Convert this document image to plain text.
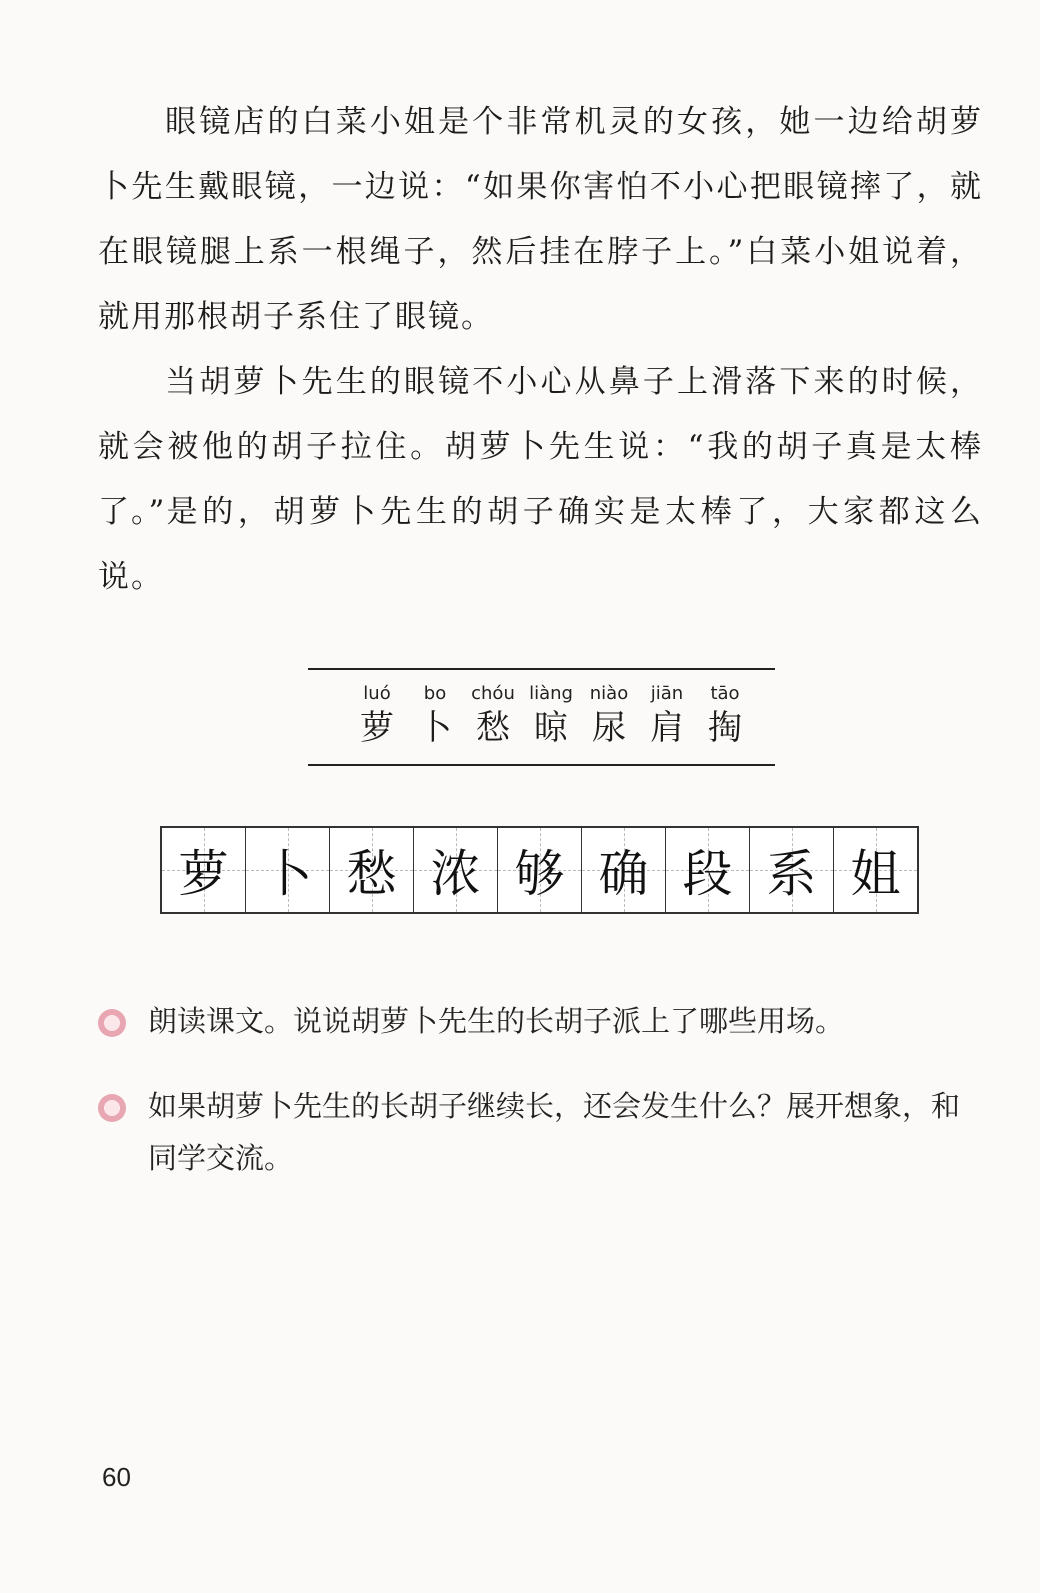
眼镜店的白菜小姐是个非常机灵的女孩，她一边给胡萝卜先生戴眼镜，一边说：“如果你害怕不小心把眼镜摔了，就在眼镜腿上系一根绳子，然后挂在脖子上。”白菜小姐说着，就用那根胡子系住了眼镜。

当胡萝卜先生的眼镜不小心从鼻子上滑落下来的时候，就会被他的胡子拉住。胡萝卜先生说：“我的胡子真是太棒了。”

是的，胡萝卜先生的胡子确实是太棒了，大家都这么说。

luó
萝
bo
卜
chóu
愁
liàng
晾
niào
尿
jiān
肩
tāo
掏
萝 卜 愁 浓 够 确 段 系 姐
朗读课文。说说胡萝卜先生的长胡子派上了哪些用场。
如果胡萝卜先生的长胡子继续长，还会发生什么？展开想象，和同学交流。
60
